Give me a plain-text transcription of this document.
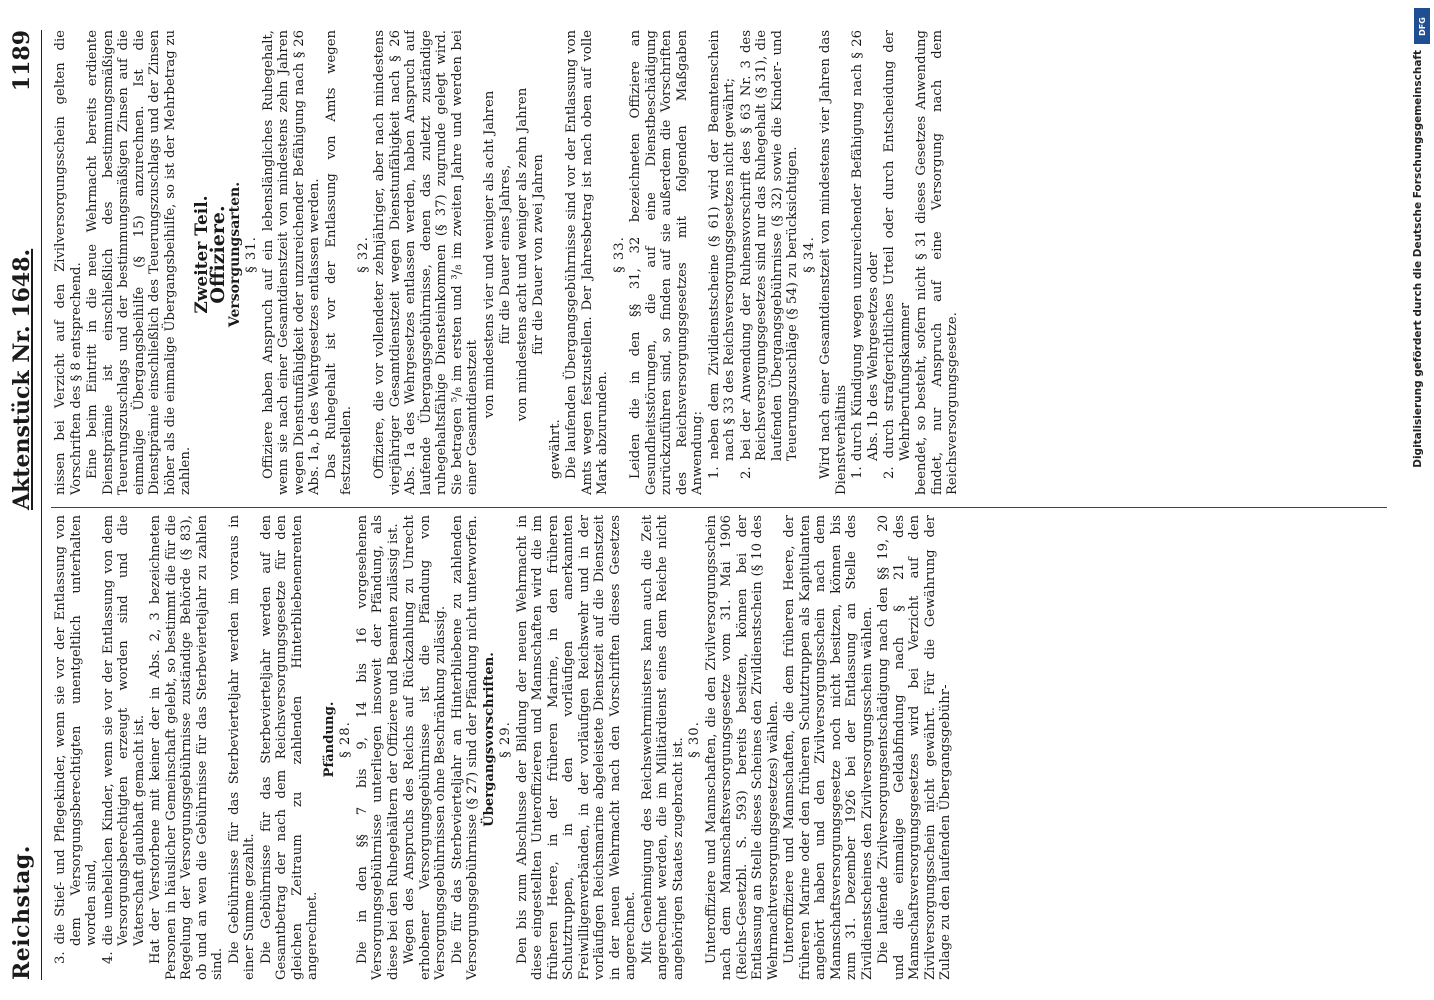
Reichstag.
Aktenstück Nr. 1648.
1189

3. die Stief- und Pflegekinder, wenn sie vor der Entlassung von dem Versorgungsberechtigten unentgeltlich unterhalten worden sind, 4. die unehelichen Kinder, wenn sie vor der Entlassung von dem Versorgungsberechtigten erzeugt worden sind und die Vaterschaft glaubhaft gemacht ist. Hat der Verstorbene mit keiner der in Abs. 2, 3 bezeichneten Personen in häuslicher Gemeinschaft gelebt, so bestimmt die für die Regelung der Versorgungsgebührnisse zuständige Behörde (§ 83), ob und an wen die Gebührnisse für das Sterbevierteljahr zu zahlen sind. Die Gebührnisse für das Sterbevierteljahr werden im voraus in einer Summe gezahlt. Die Gebührnisse für das Sterbevierteljahr werden auf den Gesamtbetrag der nach dem Reichsversorgungsgesetze für den gleichen Zeitraum zu zahlenden Hinterbliebenenrenten angerechnet.

Pfändung. § 28. Die in den §§ 7 bis 9, 14 bis 16 vorgesehenen Versorgungsgebührnisse unterliegen insoweit der Pfändung, als diese bei den Ruhegehältern der Offiziere und Beamten zulässig ist. Wegen des Anspruchs des Reichs auf Rückzahlung zu Unrecht erhobener Versorgungsgebührnisse ist die Pfändung von Versorgungsgebührnissen ohne Beschränkung zulässig. Die für das Sterbevierteljahr an Hinterbliebene zu zahlenden Versorgungsgebührnisse (§ 27) sind der Pfändung nicht unterworfen. Übergangsvorschriften. § 29. Den bis zum Abschlusse der Bildung der neuen Wehrmacht in diese eingestellten Unteroffizieren und Mannschaften wird die im früheren Heere, in der früheren Marine, in den früheren Schutztruppen, in den vorläufigen anerkannten Freiwilligenverbänden, in der vorläufigen Reichswehr und in der vorläufigen Reichsmarine abgeleistete Dienstzeit auf die Dienstzeit in der neuen Wehrmacht nach den Vorschriften dieses Gesetzes angerechnet. Mit Genehmigung des Reichswehrministers kann auch die Zeit angerechnet werden, die im Militärdienst eines dem Reiche nicht angehörigen Staates zugebracht ist. § 30. Unteroffiziere und Mannschaften, die den Zivilversorgungsschein nach dem Mannschaftsversorgungsgesetze vom 31. Mai 1906 (Reichs-Gesetzbl. S. 593) bereits besitzen, können bei der Entlassung an Stelle dieses Scheines den Zivildienstschein (§ 10 des Wehrmachtversorgungsgesetzes) wählen. Unteroffiziere und Mannschaften, die dem früheren Heere, der früheren Marine oder den früheren Schutztruppen als Kapitulanten angehört haben und den Zivilversorgungsschein nach dem Mannschaftsversorgungsgesetze noch nicht besitzen, können bis zum 31. Dezember 1926 bei der Entlassung an Stelle des Zivildienstscheines den Zivilversorgungsschein wählen. Die laufende Zivilversorgungsentschädigung nach den §§ 19, 20 und die einmalige Geldabfindung nach § 21 des Mannschaftsversorgungsgesetzes wird bei Verzicht auf den Zivilversorgungsschein nicht gewährt. Für die Gewährung der Zulage zu den laufenden Übergangsgebühr-

nissen bei Verzicht auf den Zivilversorgungsschein gelten die Vorschriften des § 8 entsprechend. Eine beim Eintritt in die neue Wehrmacht bereits erdiente Dienstprämie ist einschließlich des bestimmungsmäßigen Teuerungszuschlags und der bestimmungsmäßigen Zinsen auf die einmalige Übergangsbeihilfe (§ 15) anzurechnen. Ist die Dienstprämie einschließlich des Teuerungszuschlags und der Zinsen höher als die einmalige Übergangsbeihilfe, so ist der Mehrbetrag zu zahlen.

Zweiter Teil.

Offiziere.

Versorgungsarten. § 31. Offiziere haben Anspruch auf ein lebenslängliches Ruhegehalt, wenn sie nach einer Gesamtdienstzeit von mindestens zehn Jahren wegen Dienstunfähigkeit oder unzureichender Befähigung nach § 26 Abs. 1a, b des Wehrgesetzes entlassen werden. Das Ruhegehalt ist vor der Entlassung von Amts wegen festzustellen.

§ 32. Offiziere, die vor vollendeter zehnjähriger, aber nach mindestens vierjähriger Gesamtdienstzeit wegen Dienstunfähigkeit nach § 26 Abs. 1a des Wehrgesetzes entlassen werden, haben Anspruch auf laufende Übergangsgebührnisse, denen das zuletzt zuständige ruhegehaltsfähige Diensteinkommen (§ 37) zugrunde gelegt wird. Sie betragen ⁵/₈ im ersten und ³/₈ im zweiten Jahre und werden bei einer Gesamtdienstzeit von mindestens vier und weniger als acht Jahren für die Dauer eines Jahres, von mindestens acht und weniger als zehn Jahren für die Dauer von zwei Jahren

gewährt. Die laufenden Übergangsgebührnisse sind vor der Entlassung von Amts wegen festzustellen. Der Jahresbetrag ist nach oben auf volle Mark abzurunden.

§ 33. Leiden die in den §§ 31, 32 bezeichneten Offiziere an Gesundheitsstörungen, die auf eine Dienstbeschädigung zurückzuführen sind, so finden auf sie außerdem die Vorschriften des Reichsversorgungsgesetzes mit folgenden Maßgaben Anwendung: 1. neben dem Zivildienstscheine (§ 61) wird der Beamtenschein nach § 33 des Reichsversorgungsgesetzes nicht gewährt; 2. bei der Anwendung der Ruhensvorschrift des § 63 Nr. 3 des Reichsversorgungsgesetzes sind nur das Ruhegehalt (§ 31), die laufenden Übergangsgebührnisse (§ 32) sowie die Kinder- und Teuerungszuschläge (§ 54) zu berücksichtigen. § 34. Wird nach einer Gesamtdienstzeit von mindestens vier Jahren das Dienstverhältnis 1. durch Kündigung wegen unzureichender Befähigung nach § 26 Abs. 1b des Wehrgesetzes oder 2. durch strafgerichtliches Urteil oder durch Entscheidung der Wehrberufungskammer beendet, so besteht, sofern nicht § 31 dieses Gesetzes Anwendung findet, nur Anspruch auf eine Versorgung nach dem Reichsversorgungsgesetze.	Digitalisierung gefördert durch die Deutsche Forschungsgemeinschaft
DFG
